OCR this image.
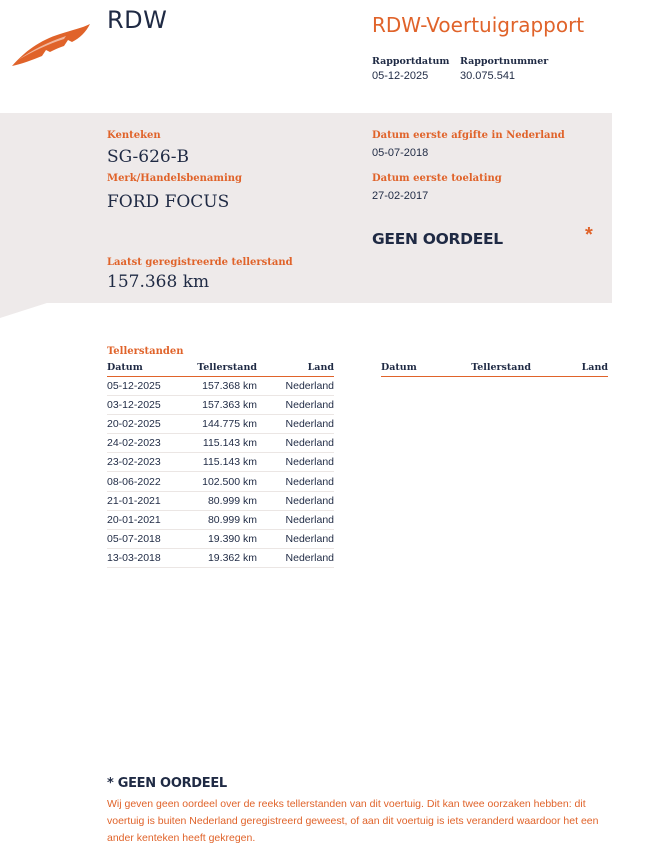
RDW	RDW-Voertuigrapport
Rapportdatum
05-12-2025
Rapportnummer
30.075.541
Kenteken
SG-626-B
Merk/Handelsbenaming
FORD FOCUS
Laatst geregistreerde tellerstand
157.368 km
Datum eerste afgifte in Nederland
05-07-2018
Datum eerste toelating
27-02-2017
GEEN OORDEEL	*
Tellerstanden
Datum	Tellerstand	Land
05-12-2025	157.368 km	Nederland
03-12-2025	157.363 km	Nederland
20-02-2025	144.775 km	Nederland
24-02-2023	115.143 km	Nederland
23-02-2023	115.143 km	Nederland
08-06-2022	102.500 km	Nederland
21-01-2021	80.999 km	Nederland
20-01-2021	80.999 km	Nederland
05-07-2018	19.390 km	Nederland
13-03-2018	19.362 km	Nederland
Datum	Tellerstand	Land
* GEEN OORDEEL
Wij geven geen oordeel over de reeks tellerstanden van dit voertuig. Dit kan twee oorzaken hebben: dit voertuig is buiten Nederland geregistreerd geweest, of aan dit voertuig is iets veranderd waardoor het een ander kenteken heeft gekregen.
